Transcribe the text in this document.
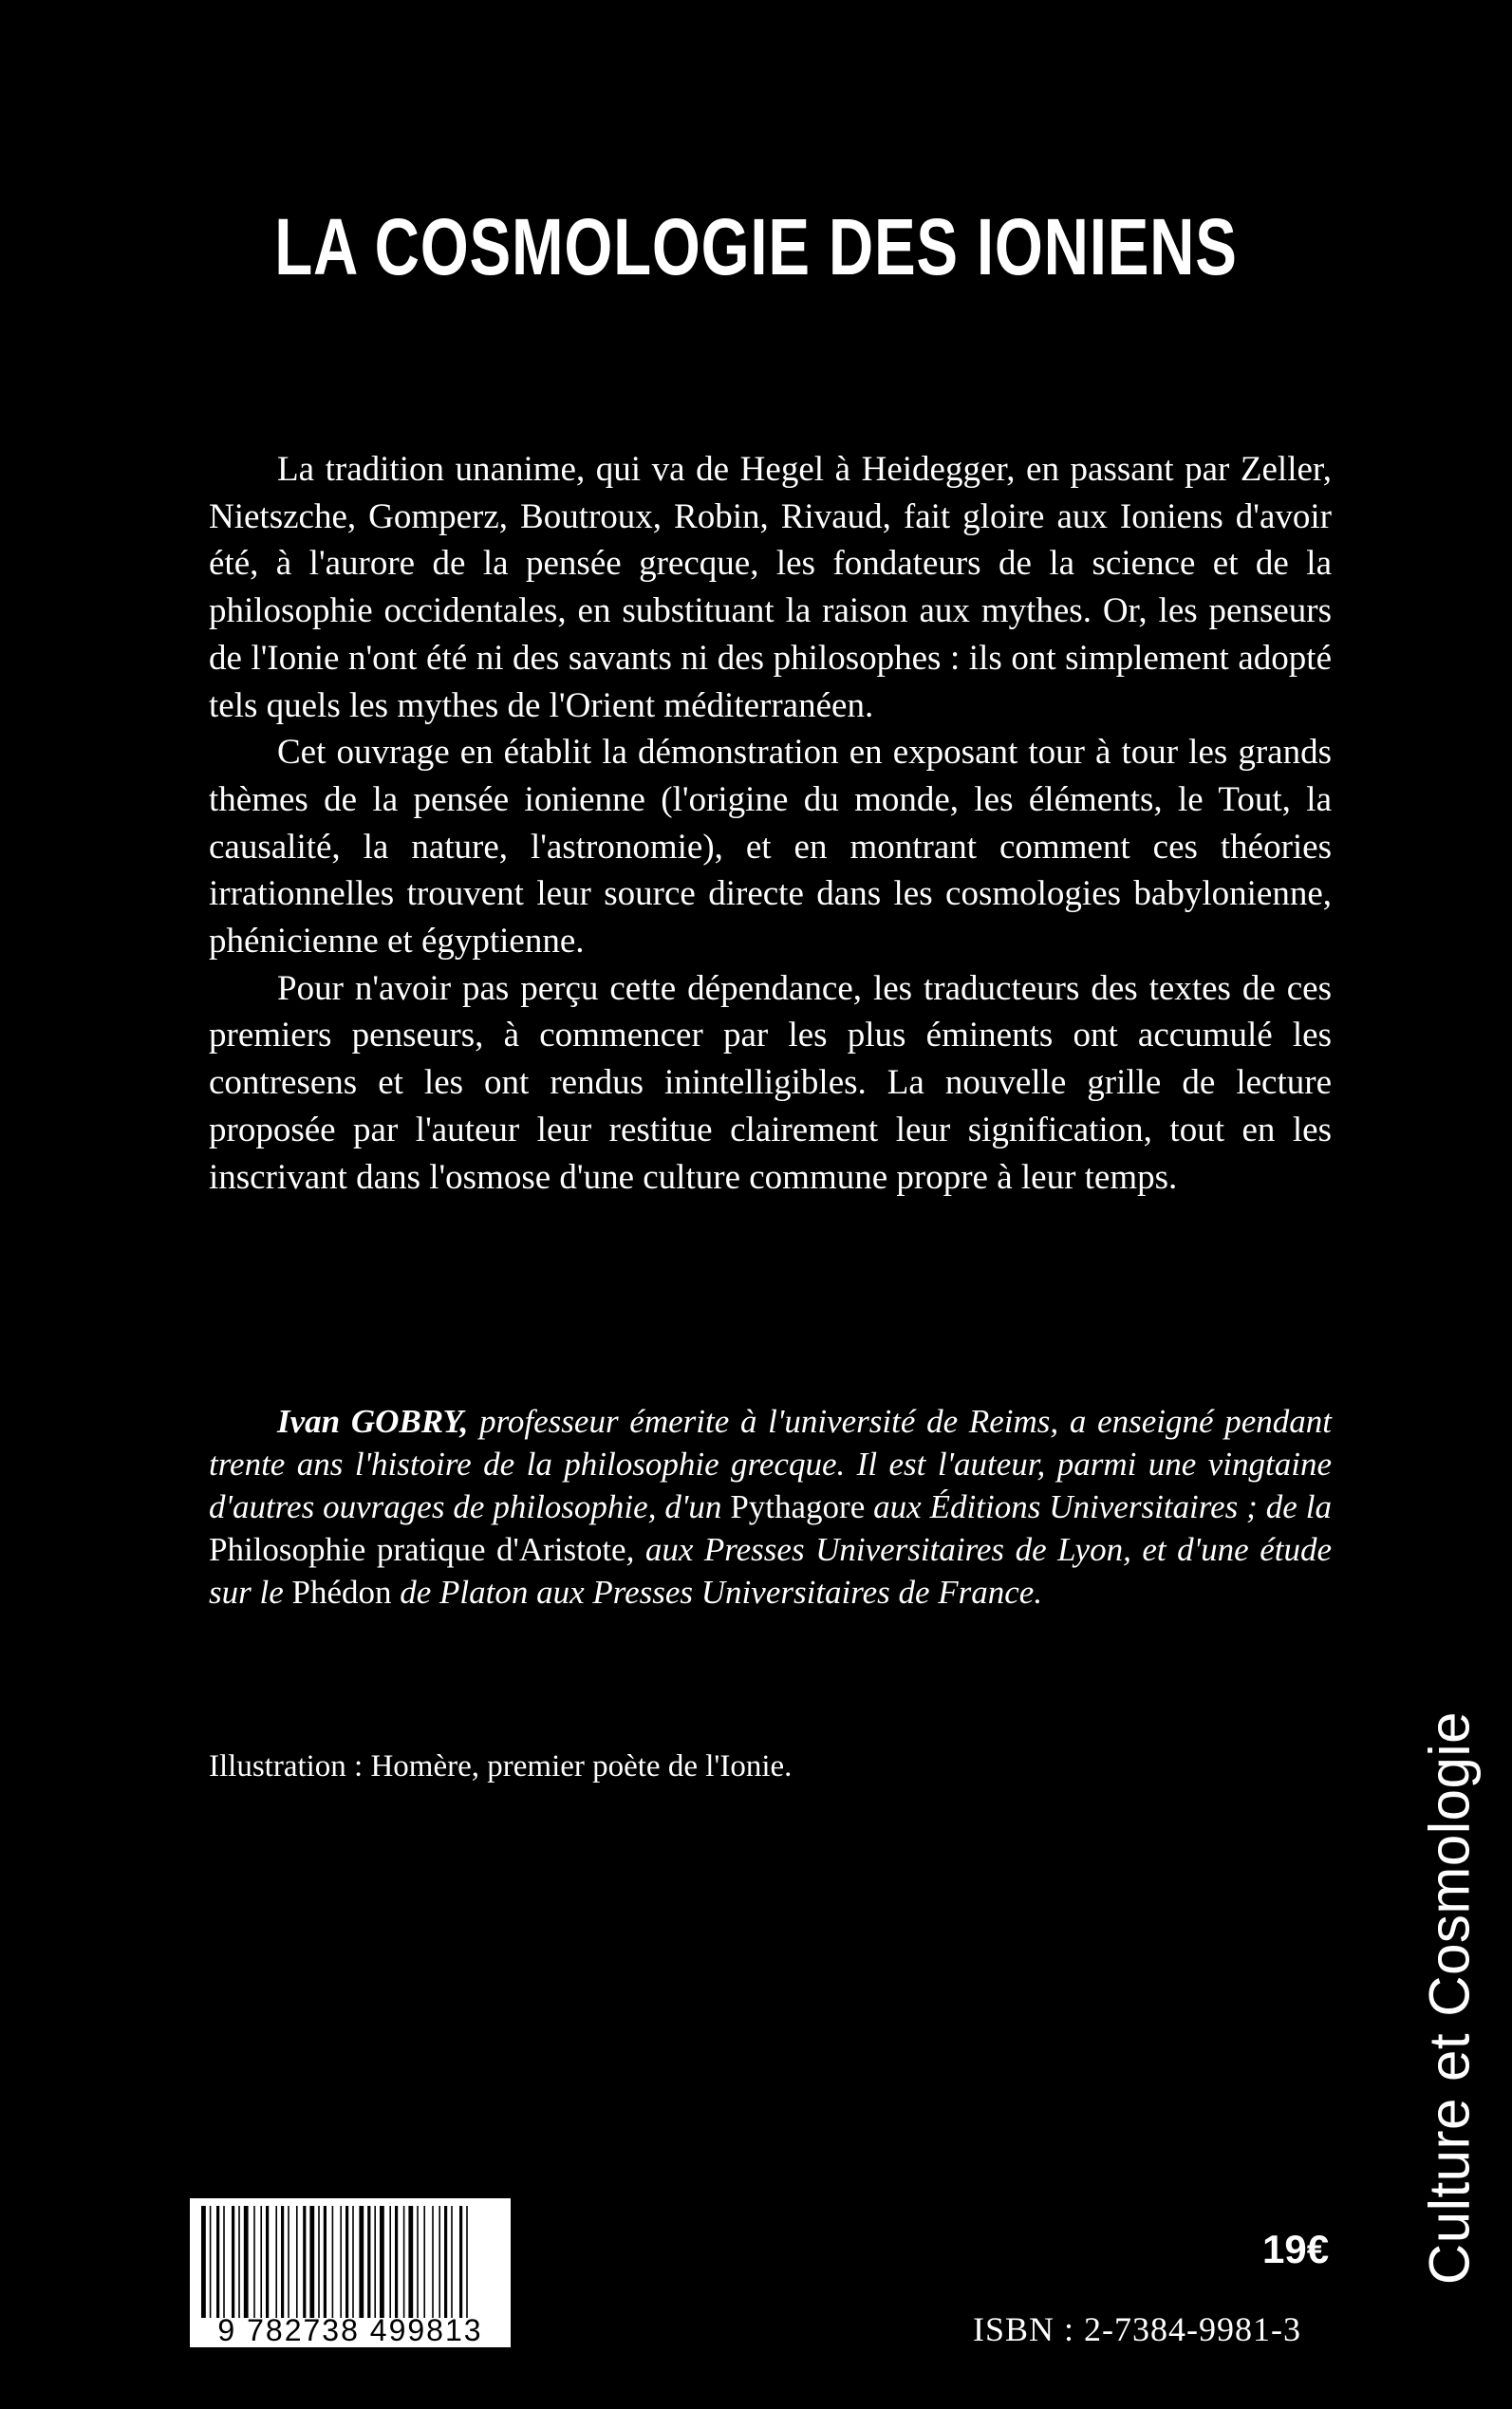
LA COSMOLOGIE DES IONIENS

La tradition unanime, qui va de Hegel à Heidegger, en passant par Zeller, Nietszche, Gomperz, Boutroux, Robin, Rivaud, fait gloire aux Ioniens d'avoir été, à l'aurore de la pensée grecque, les fondateurs de la science et de la philosophie occidentales, en substituant la raison aux mythes. Or, les penseurs de l'Ionie n'ont été ni des savants ni des philosophes : ils ont simplement adopté tels quels les mythes de l'Orient méditerranéen.

Cet ouvrage en établit la démonstration en exposant tour à tour les grands thèmes de la pensée ionienne (l'origine du monde, les éléments, le Tout, la causalité, la nature, l'astronomie), et en montrant comment ces théories irrationnelles trouvent leur source directe dans les cosmologies babylonienne, phénicienne et égyptienne.

Pour n'avoir pas perçu cette dépendance, les traducteurs des textes de ces premiers penseurs, à commencer par les plus éminents ont accumulé les contresens et les ont rendus inintelligibles. La nouvelle grille de lecture proposée par l'auteur leur restitue clairement leur signification, tout en les inscrivant dans l'osmose d'une culture commune propre à leur temps.

Ivan GOBRY, professeur émerite à l'université de Reims, a enseigné pendant trente ans l'histoire de la philosophie grecque. Il est l'auteur, parmi une vingtaine d'autres ouvrages de philosophie, d'un Pythagore aux Éditions Universitaires ; de la Philosophie pratique d'Aristote, aux Presses Universitaires de Lyon, et d'une étude sur le Phédon de Platon aux Presses Universitaires de France.

Illustration : Homère, premier poète de l'Ionie.	Culture et Cosmologie
9 782738 499813
19€
ISBN : 2-7384-9981-3
